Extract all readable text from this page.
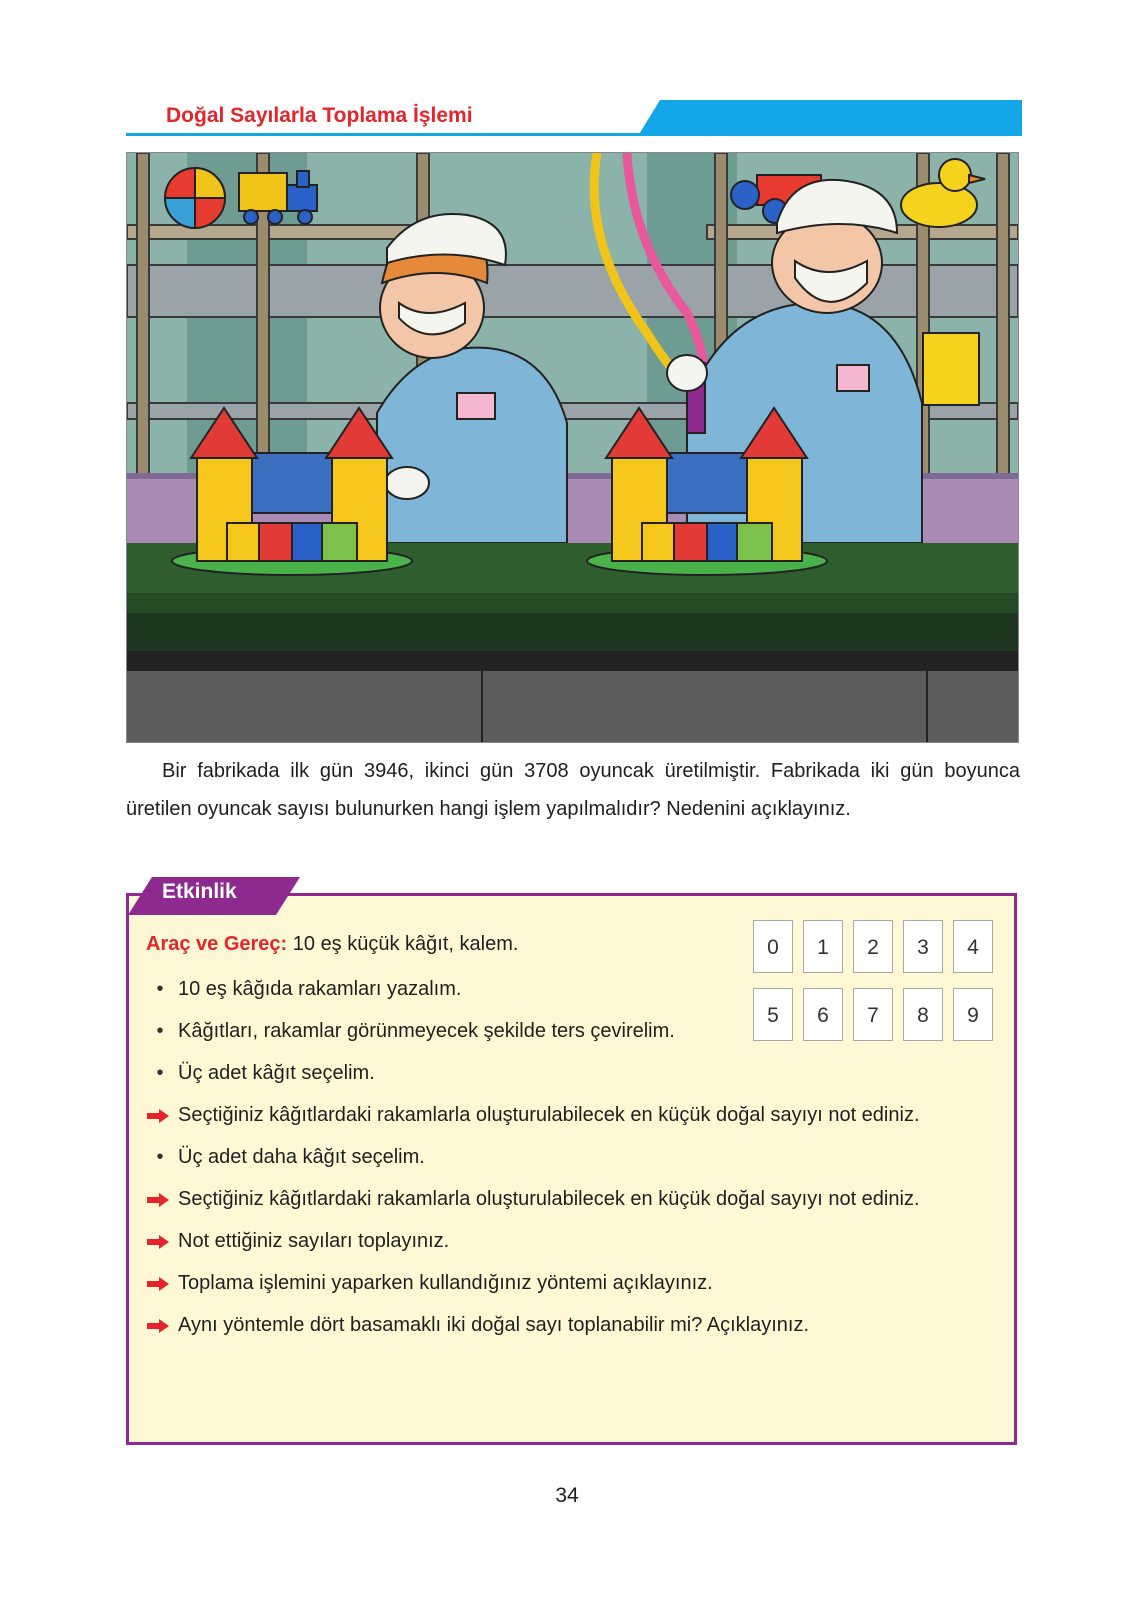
Doğal Sayılarla Toplama İşlemi

Bir fabrikada ilk gün 3946, ikinci gün 3708 oyuncak üretilmiştir. Fabrikada iki gün boyunca üretilen oyuncak sayısı bulunurken hangi işlem yapılmalıdır? Nedenini açıklayınız.

Etkinlik
Araç ve Gereç: 10 eş küçük kâğıt, kalem.
• 10 eş kâğıda rakamları yazalım.
• Kâğıtları, rakamlar görünmeyecek şekilde ters çevirelim.
• Üç adet kâğıt seçelim.
Seçtiğiniz kâğıtlardaki rakamlarla oluşturulabilecek en küçük doğal sayıyı not ediniz.
• Üç adet daha kâğıt seçelim.
Seçtiğiniz kâğıtlardaki rakamlarla oluşturulabilecek en küçük doğal sayıyı not ediniz.
Not ettiğiniz sayıları toplayınız.
Toplama işlemini yaparken kullandığınız yöntemi açıklayınız.
Aynı yöntemle dört basamaklı iki doğal sayı toplanabilir mi? Açıklayınız.
0	1	2	3	4
5	6	7	8	9
34
